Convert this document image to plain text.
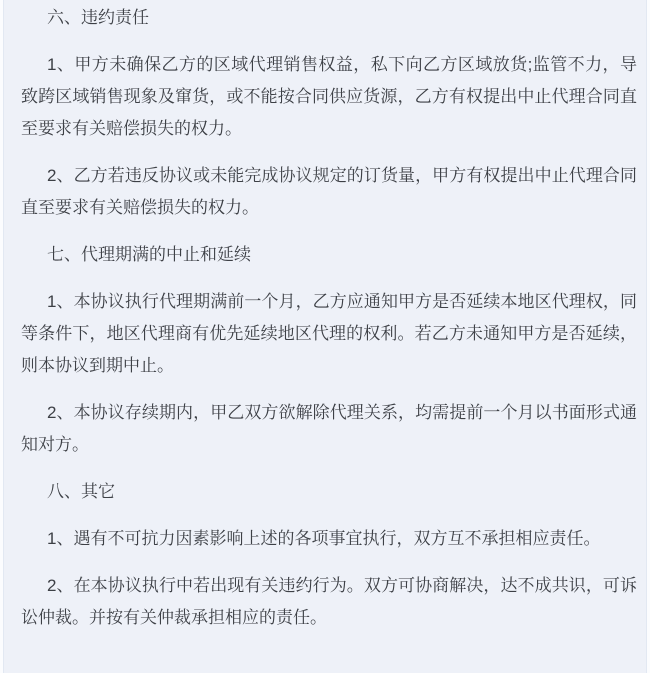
六、违约责任
1、甲方未确保乙方的区域代理销售权益，私下向乙方区域放货;监管不力，导致跨区域销售现象及窜货，或不能按合同供应货源，乙方有权提出中止代理合同直至要求有关赔偿损失的权力。
2、乙方若违反协议或未能完成协议规定的订货量，甲方有权提出中止代理合同直至要求有关赔偿损失的权力。
七、代理期满的中止和延续
1、本协议执行代理期满前一个月，乙方应通知甲方是否延续本地区代理权，同等条件下，地区代理商有优先延续地区代理的权利。若乙方未通知甲方是否延续，则本协议到期中止。
2、本协议存续期内，甲乙双方欲解除代理关系，均需提前一个月以书面形式通知对方。
八、其它
1、遇有不可抗力因素影响上述的各项事宜执行，双方互不承担相应责任。
2、在本协议执行中若出现有关违约行为。双方可协商解决，达不成共识，可诉讼仲裁。并按有关仲裁承担相应的责任。
